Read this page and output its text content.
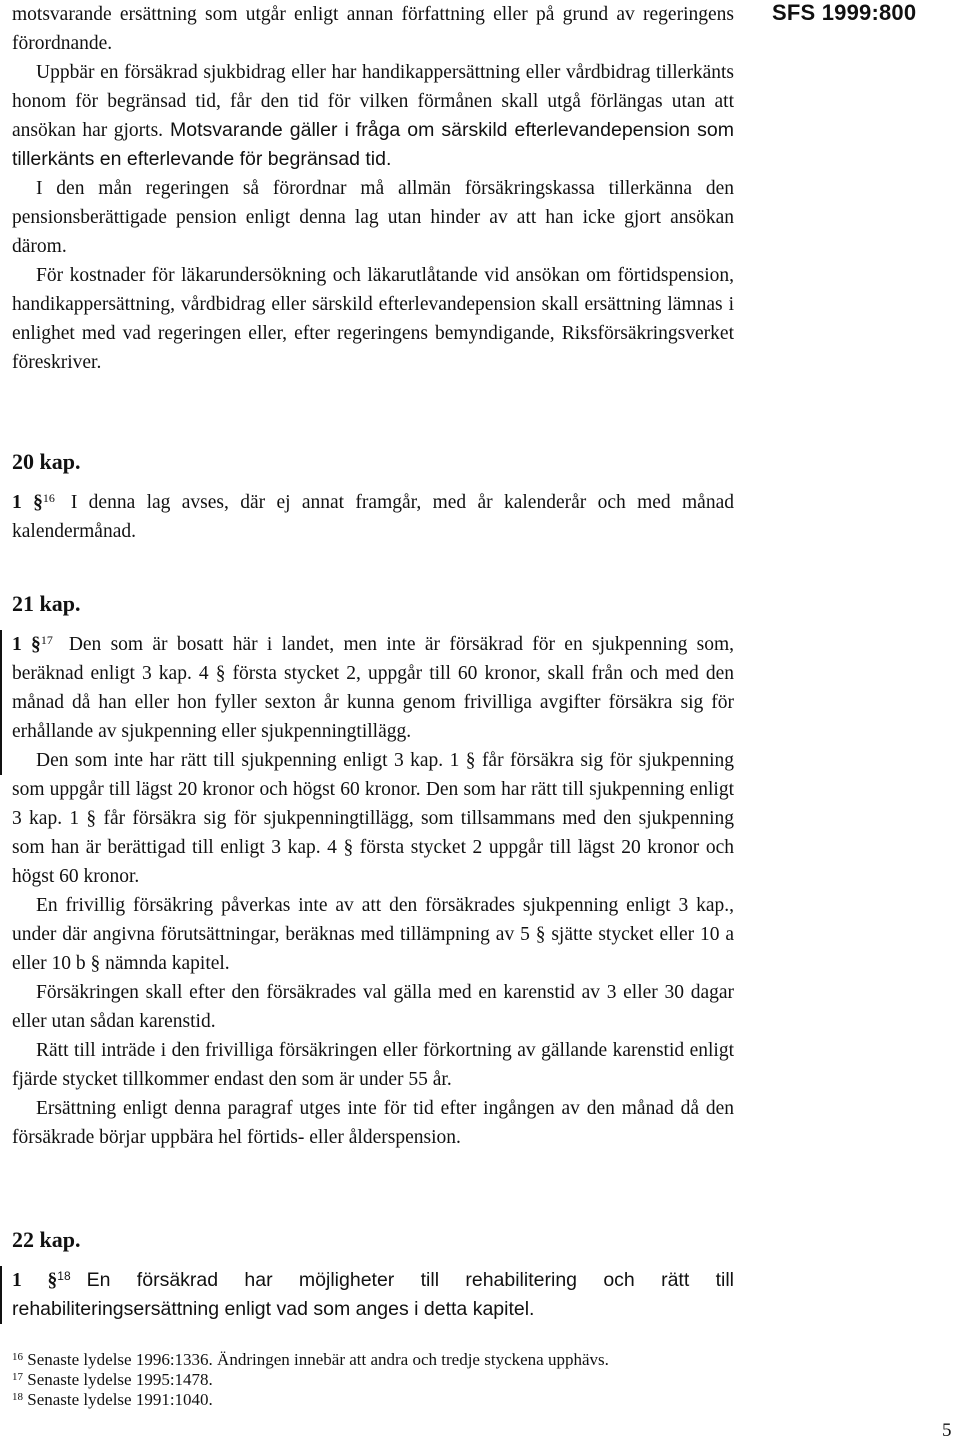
SFS 1999:800

motsvarande ersättning som utgår enligt annan författning eller på grund av regeringens förordnande.

Uppbär en försäkrad sjukbidrag eller har handikappersättning eller vårdbidrag tillerkänts honom för begränsad tid, får den tid för vilken förmånen skall utgå förlängas utan att ansökan har gjorts. Motsvarande gäller i fråga om särskild efterlevandepension som tillerkänts en efterlevande för begränsad tid.

I den mån regeringen så förordnar må allmän försäkringskassa tillerkänna den pensionsberättigade pension enligt denna lag utan hinder av att han icke gjort ansökan därom.

För kostnader för läkarundersökning och läkarutlåtande vid ansökan om förtidspension, handikappersättning, vårdbidrag eller särskild efterlevandepension skall ersättning lämnas i enlighet med vad regeringen eller, efter regeringens bemyndigande, Riksförsäkringsverket föreskriver.

20 kap.

1 §$^{16}$ I denna lag avses, där ej annat framgår, med år kalenderår och med månad kalendermånad.

21 kap.

1 §$^{17}$ Den som är bosatt här i landet, men inte är försäkrad för en sjukpenning som, beräknad enligt 3 kap. 4 § första stycket 2, uppgår till 60 kronor, skall från och med den månad då han eller hon fyller sexton år kunna genom frivilliga avgifter försäkra sig för erhållande av sjukpenning eller sjukpenningtillägg.

Den som inte har rätt till sjukpenning enligt 3 kap. 1 § får försäkra sig för sjukpenning som uppgår till lägst 20 kronor och högst 60 kronor. Den som har rätt till sjukpenning enligt 3 kap. 1 § får försäkra sig för sjukpenningtillägg, som tillsammans med den sjukpenning som han är berättigad till enligt 3 kap. 4 § första stycket 2 uppgår till lägst 20 kronor och högst 60 kronor.

En frivillig försäkring påverkas inte av att den försäkrades sjukpenning enligt 3 kap., under där angivna förutsättningar, beräknas med tillämpning av 5 § sjätte stycket eller 10 a eller 10 b § nämnda kapitel.

Försäkringen skall efter den försäkrades val gälla med en karenstid av 3 eller 30 dagar eller utan sådan karenstid.

Rätt till inträde i den frivilliga försäkringen eller förkortning av gällande karenstid enligt fjärde stycket tillkommer endast den som är under 55 år.

Ersättning enligt denna paragraf utges inte för tid efter ingången av den månad då den försäkrade börjar uppbära hel förtids- eller ålderspension.

22 kap.

1 §$^{18}$ En försäkrad har möjligheter till rehabilitering och rätt till rehabiliteringsersättning enligt vad som anges i detta kapitel.

$^{16}$ Senaste lydelse 1996:1336. Ändringen innebär att andra och tredje styckena upphävs.

$^{17}$ Senaste lydelse 1995:1478.

$^{18}$ Senaste lydelse 1991:1040.

5
